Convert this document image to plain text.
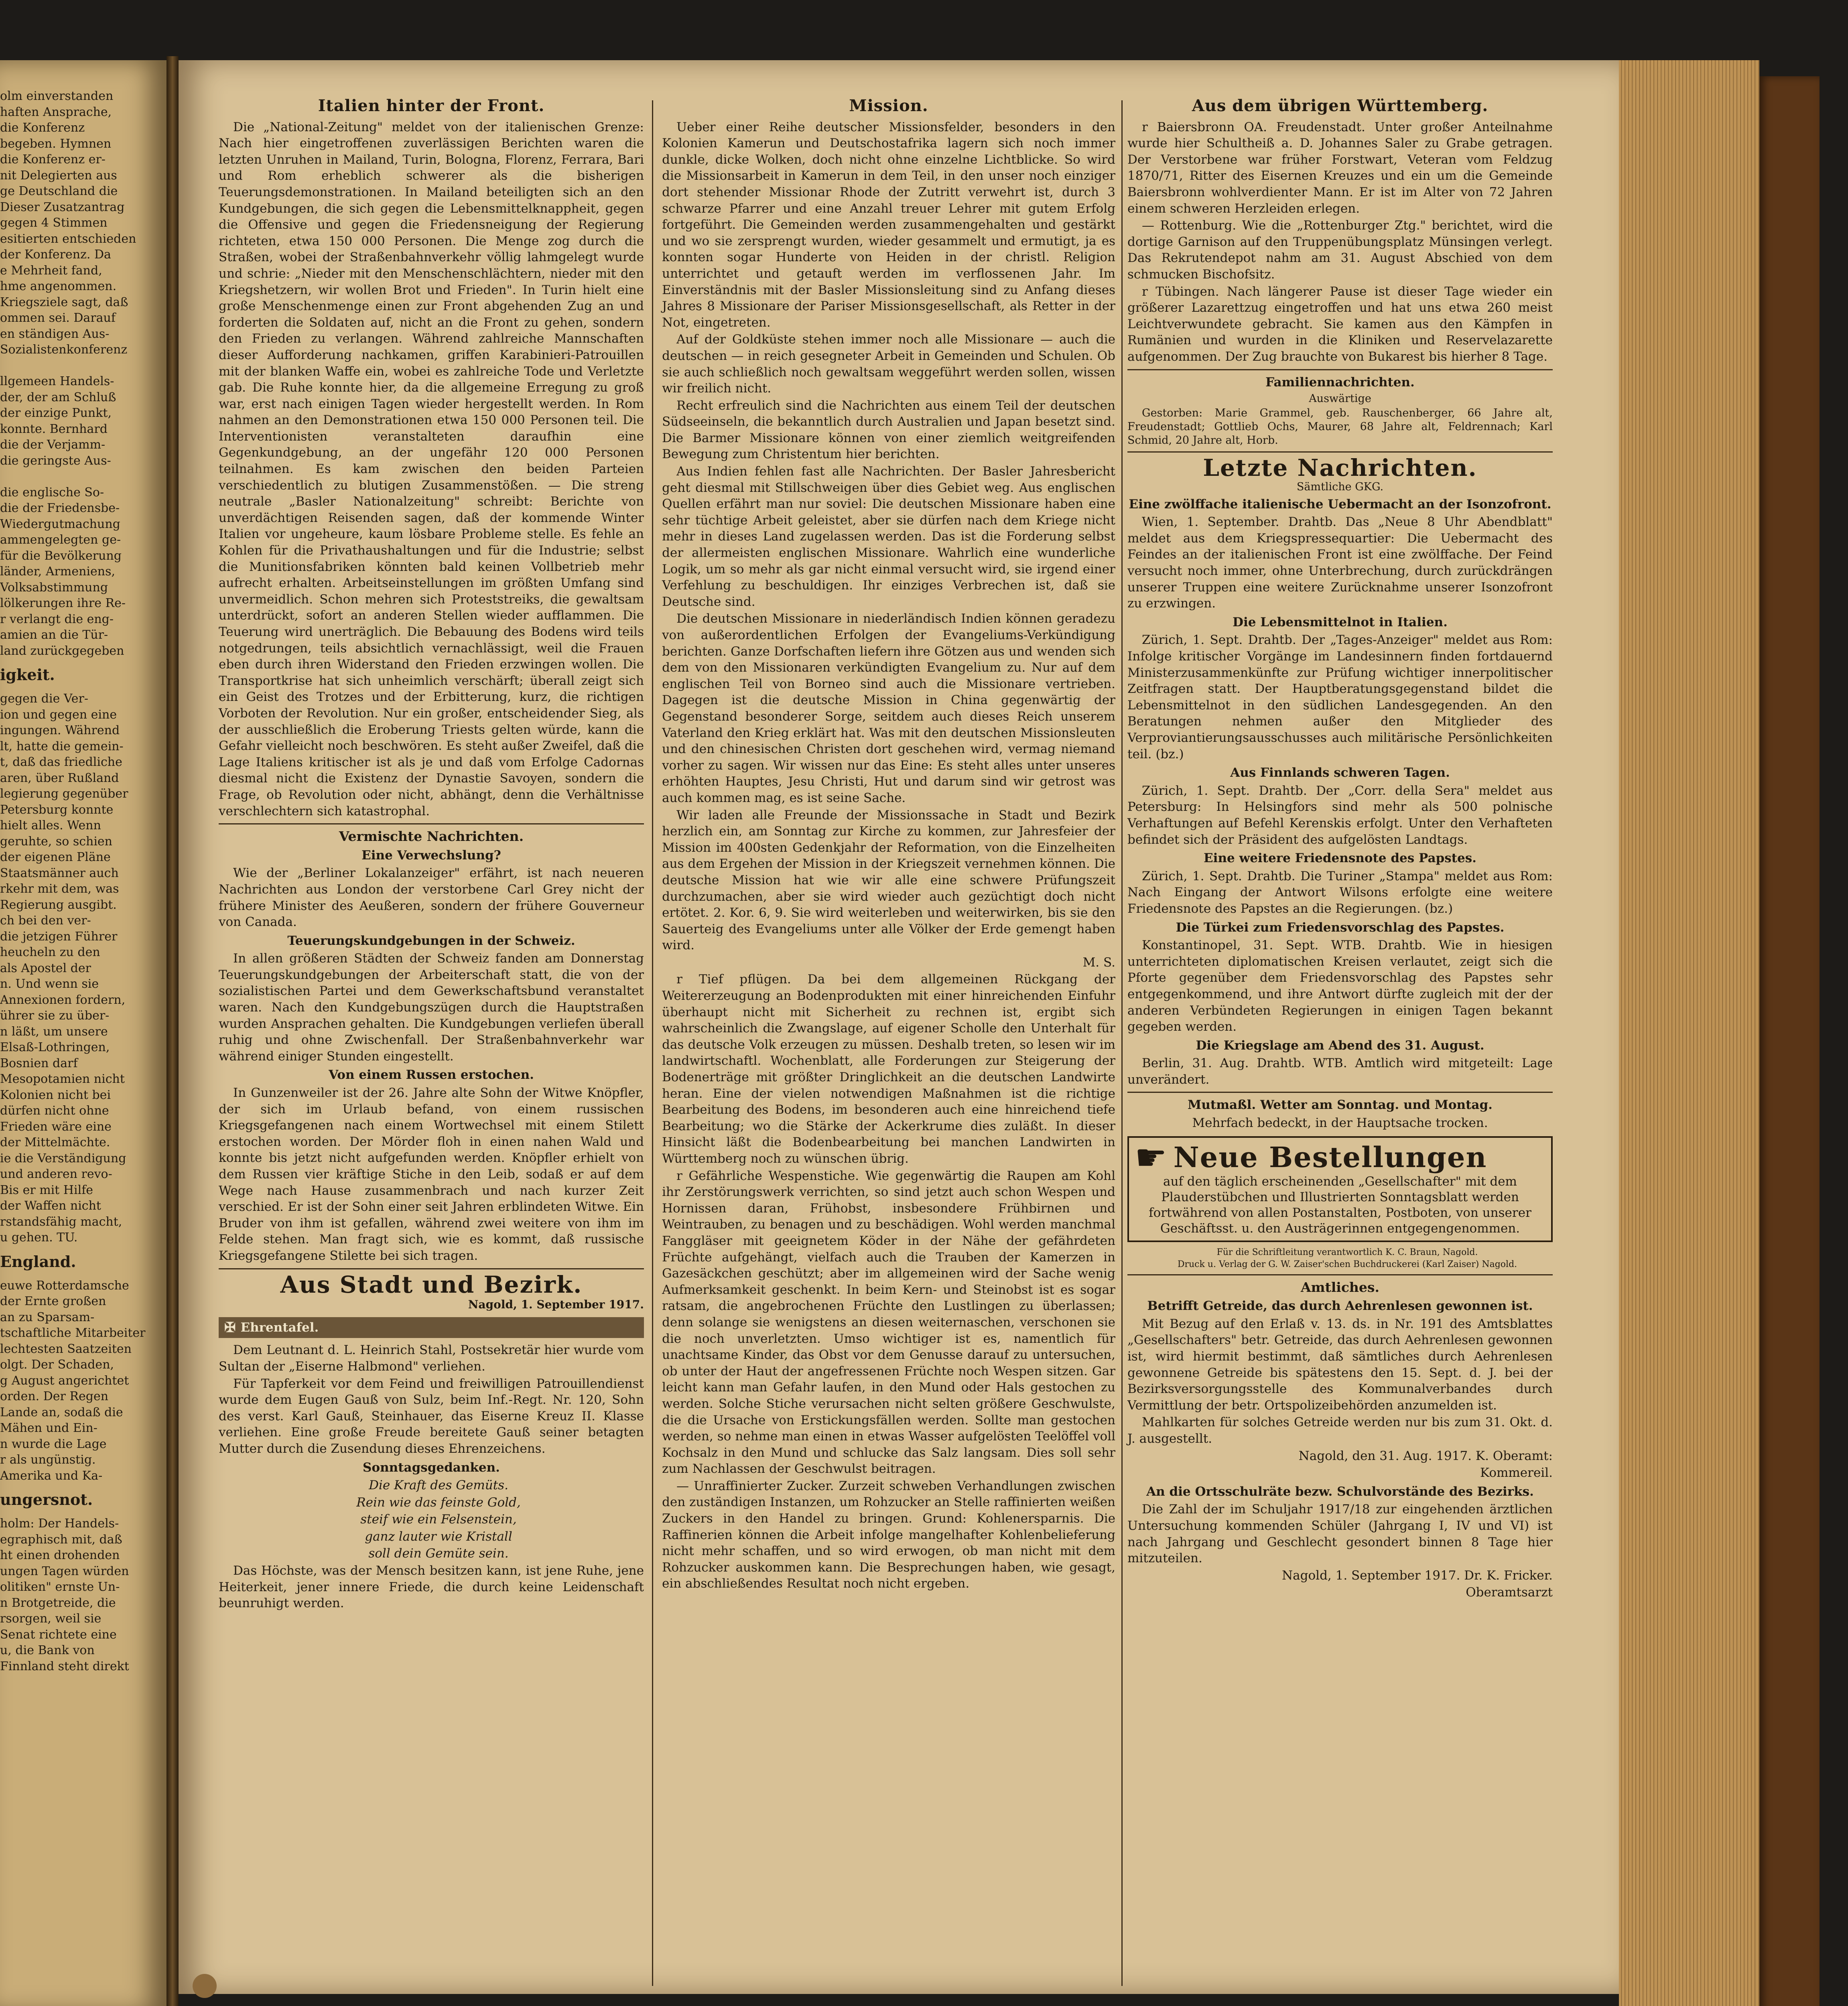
olm einverstanden
haften Ansprache,
die Konferenz
begeben. Hymnen
die Konferenz er-
nit Delegierten aus
ge Deutschland die
Dieser Zusatzantrag
gegen 4 Stimmen
esitierten entschieden
der Konferenz. Da
e Mehrheit fand,
hme angenommen.
Kriegsziele sagt, daß
ommen sei. Darauf
en ständigen Aus-
Sozialistenkonferenz
llgemeen Handels-
der, der am Schluß
der einzige Punkt,
konnte. Bernhard
die der Verjamm-
die geringste Aus-
die englische So-
die der Friedensbe-
Wiedergutmachung
ammengelegten ge-
für die Bevölkerung
länder, Armeniens,
Volksabstimmung
lölkerungen ihre Re-
r verlangt die eng-
amien an die Tür-
land zurückgegeben
igkeit.
gegen die Ver-
ion und gegen eine
ingungen. Während
lt, hatte die gemein-
t, daß das friedliche
aren, über Rußland
legierung gegenüber
Petersburg konnte
hielt alles. Wenn
geruhte, so schien
der eigenen Pläne
Staatsmänner auch
rkehr mit dem, was
Regierung ausgibt.
ch bei den ver-
die jetzigen Führer
heucheln zu den
als Apostel der
n. Und wenn sie
Annexionen fordern,
ührer sie zu über-
n läßt, um unsere
Elsaß-Lothringen,
Bosnien darf
Mesopotamien nicht
Kolonien nicht bei
dürfen nicht ohne
Frieden wäre eine
der Mittelmächte.
ie die Verständigung
und anderen revo-
Bis er mit Hilfe
der Waffen nicht
rstandsfähig macht,
u gehen. TU.
England.
euwe Rotterdamsche
der Ernte großen
an zu Sparsam-
tschaftliche Mitarbeiter
lechtesten Saatzeiten
olgt. Der Schaden,
g August angerichtet
orden. Der Regen
Lande an, sodaß die
Mähen und Ein-
n wurde die Lage
r als ungünstig.
Amerika und Ka-
ungersnot.
holm: Der Handels-
egraphisch mit, daß
ht einen drohenden
ungen Tagen würden
olitiken" ernste Un-
n Brotgetreide, die
rsorgen, weil sie
Senat richtete eine
u, die Bank von
Finnland steht direkt
Italien hinter der Front.

Die „National-Zeitung" meldet von der italienischen Grenze: Nach hier eingetroffenen zuverlässigen Berichten waren die letzten Unruhen in Mailand, Turin, Bologna, Florenz, Ferrara, Bari und Rom erheblich schwerer als die bisherigen Teuerungsdemonstrationen. In Mailand beteiligten sich an den Kundgebungen, die sich gegen die Lebensmittelknappheit, gegen die Offensive und gegen die Friedensneigung der Regierung richteten, etwa 150 000 Personen. Die Menge zog durch die Straßen, wobei der Straßenbahnverkehr völlig lahmgelegt wurde und schrie: „Nieder mit den Menschenschlächtern, nieder mit den Kriegshetzern, wir wollen Brot und Frieden". In Turin hielt eine große Menschenmenge einen zur Front abgehenden Zug an und forderten die Soldaten auf, nicht an die Front zu gehen, sondern den Frieden zu verlangen. Während zahlreiche Mannschaften dieser Aufforderung nachkamen, griffen Karabinieri-Patrouillen mit der blanken Waffe ein, wobei es zahlreiche Tode und Verletzte gab. Die Ruhe konnte hier, da die allgemeine Erregung zu groß war, erst nach einigen Tagen wieder hergestellt werden. In Rom nahmen an den Demonstrationen etwa 150 000 Personen teil. Die Interventionisten veranstalteten daraufhin eine Gegenkundgebung, an der ungefähr 120 000 Personen teilnahmen. Es kam zwischen den beiden Parteien verschiedentlich zu blutigen Zusammenstößen. — Die streng neutrale „Basler Nationalzeitung" schreibt: Berichte von unverdächtigen Reisenden sagen, daß der kommende Winter Italien vor ungeheure, kaum lösbare Probleme stelle. Es fehle an Kohlen für die Privathaushaltungen und für die Industrie; selbst die Munitionsfabriken könnten bald keinen Vollbetrieb mehr aufrecht erhalten. Arbeitseinstellungen im größten Umfang sind unvermeidlich. Schon mehren sich Proteststreiks, die gewaltsam unterdrückt, sofort an anderen Stellen wieder aufflammen. Die Teuerung wird unerträglich. Die Bebauung des Bodens wird teils notgedrungen, teils absichtlich vernachlässigt, weil die Frauen eben durch ihren Widerstand den Frieden erzwingen wollen. Die Transportkrise hat sich unheimlich verschärft; überall zeigt sich ein Geist des Trotzes und der Erbitterung, kurz, die richtigen Vorboten der Revolution. Nur ein großer, entscheidender Sieg, als der ausschließlich die Eroberung Triests gelten würde, kann die Gefahr vielleicht noch beschwören. Es steht außer Zweifel, daß die Lage Italiens kritischer ist als je und daß vom Erfolge Cadornas diesmal nicht die Existenz der Dynastie Savoyen, sondern die Frage, ob Revolution oder nicht, abhängt, denn die Verhältnisse verschlechtern sich katastrophal.

Vermischte Nachrichten.
Eine Verwechslung?

Wie der „Berliner Lokalanzeiger" erfährt, ist nach neueren Nachrichten aus London der verstorbene Carl Grey nicht der frühere Minister des Aeußeren, sondern der frühere Gouverneur von Canada.

Teuerungskundgebungen in der Schweiz.

In allen größeren Städten der Schweiz fanden am Donnerstag Teuerungskundgebungen der Arbeiterschaft statt, die von der sozialistischen Partei und dem Gewerkschaftsbund veranstaltet waren. Nach den Kundgebungszügen durch die Hauptstraßen wurden Ansprachen gehalten. Die Kundgebungen verliefen überall ruhig und ohne Zwischenfall. Der Straßenbahnverkehr war während einiger Stunden eingestellt.

Von einem Russen erstochen.

In Gunzenweiler ist der 26. Jahre alte Sohn der Witwe Knöpfler, der sich im Urlaub befand, von einem russischen Kriegsgefangenen nach einem Wortwechsel mit einem Stilett erstochen worden. Der Mörder floh in einen nahen Wald und konnte bis jetzt nicht aufgefunden werden. Knöpfler erhielt von dem Russen vier kräftige Stiche in den Leib, sodaß er auf dem Wege nach Hause zusammenbrach und nach kurzer Zeit verschied. Er ist der Sohn einer seit Jahren erblindeten Witwe. Ein Bruder von ihm ist gefallen, während zwei weitere von ihm im Felde stehen. Man fragt sich, wie es kommt, daß russische Kriegsgefangene Stilette bei sich tragen.

Aus Stadt und Bezirk.

Nagold, 1. September 1917.

✠ Ehrentafel.

Dem Leutnant d. L. Heinrich Stahl, Postsekretär hier wurde vom Sultan der „Eiserne Halbmond" verliehen.

Für Tapferkeit vor dem Feind und freiwilligen Patrouillendienst wurde dem Eugen Gauß von Sulz, beim Inf.-Regt. Nr. 120, Sohn des verst. Karl Gauß, Steinhauer, das Eiserne Kreuz II. Klasse verliehen. Eine große Freude bereitete Gauß seiner betagten Mutter durch die Zusendung dieses Ehrenzeichens.

Sonntagsgedanken.

Die Kraft des Gemüts.

Rein wie das feinste Gold,

steif wie ein Felsenstein,

ganz lauter wie Kristall

soll dein Gemüte sein.

Das Höchste, was der Mensch besitzen kann, ist jene Ruhe, jene Heiterkeit, jener innere Friede, die durch keine Leidenschaft beunruhigt werden.

Mission.

Ueber einer Reihe deutscher Missionsfelder, besonders in den Kolonien Kamerun und Deutschostafrika lagern sich noch immer dunkle, dicke Wolken, doch nicht ohne einzelne Lichtblicke. So wird die Missionsarbeit in Kamerun in dem Teil, in den unser noch einziger dort stehender Missionar Rhode der Zutritt verwehrt ist, durch 3 schwarze Pfarrer und eine Anzahl treuer Lehrer mit gutem Erfolg fortgeführt. Die Gemeinden werden zusammengehalten und gestärkt und wo sie zersprengt wurden, wieder gesammelt und ermutigt, ja es konnten sogar Hunderte von Heiden in der christl. Religion unterrichtet und getauft werden im verflossenen Jahr. Im Einverständnis mit der Basler Missionsleitung sind zu Anfang dieses Jahres 8 Missionare der Pariser Missionsgesellschaft, als Retter in der Not, eingetreten.

Auf der Goldküste stehen immer noch alle Missionare — auch die deutschen — in reich gesegneter Arbeit in Gemeinden und Schulen. Ob sie auch schließlich noch gewaltsam weggeführt werden sollen, wissen wir freilich nicht.

Recht erfreulich sind die Nachrichten aus einem Teil der deutschen Südseeinseln, die bekanntlich durch Australien und Japan besetzt sind. Die Barmer Missionare können von einer ziemlich weitgreifenden Bewegung zum Christentum hier berichten.

Aus Indien fehlen fast alle Nachrichten. Der Basler Jahresbericht geht diesmal mit Stillschweigen über dies Gebiet weg. Aus englischen Quellen erfährt man nur soviel: Die deutschen Missionare haben eine sehr tüchtige Arbeit geleistet, aber sie dürfen nach dem Kriege nicht mehr in dieses Land zugelassen werden. Das ist die Forderung selbst der allermeisten englischen Missionare. Wahrlich eine wunderliche Logik, um so mehr als gar nicht einmal versucht wird, sie irgend einer Verfehlung zu beschuldigen. Ihr einziges Verbrechen ist, daß sie Deutsche sind.

Die deutschen Missionare in niederländisch Indien können geradezu von außerordentlichen Erfolgen der Evangeliums-Verkündigung berichten. Ganze Dorfschaften liefern ihre Götzen aus und wenden sich dem von den Missionaren verkündigten Evangelium zu. Nur auf dem englischen Teil von Borneo sind auch die Missionare vertrieben. Dagegen ist die deutsche Mission in China gegenwärtig der Gegenstand besonderer Sorge, seitdem auch dieses Reich unserem Vaterland den Krieg erklärt hat. Was mit den deutschen Missionsleuten und den chinesischen Christen dort geschehen wird, vermag niemand vorher zu sagen. Wir wissen nur das Eine: Es steht alles unter unseres erhöhten Hauptes, Jesu Christi, Hut und darum sind wir getrost was auch kommen mag, es ist seine Sache.

Wir laden alle Freunde der Missionssache in Stadt und Bezirk herzlich ein, am Sonntag zur Kirche zu kommen, zur Jahresfeier der Mission im 400sten Gedenkjahr der Reformation, von die Einzelheiten aus dem Ergehen der Mission in der Kriegszeit vernehmen können. Die deutsche Mission hat wie wir alle eine schwere Prüfungszeit durchzumachen, aber sie wird wieder auch gezüchtigt doch nicht ertötet. 2. Kor. 6, 9. Sie wird weiterleben und weiterwirken, bis sie den Sauerteig des Evangeliums unter alle Völker der Erde gemengt haben wird.

M. S.

r Tief pflügen. Da bei dem allgemeinen Rückgang der Weitererzeugung an Bodenprodukten mit einer hinreichenden Einfuhr überhaupt nicht mit Sicherheit zu rechnen ist, ergibt sich wahrscheinlich die Zwangslage, auf eigener Scholle den Unterhalt für das deutsche Volk erzeugen zu müssen. Deshalb treten, so lesen wir im landwirtschaftl. Wochenblatt, alle Forderungen zur Steigerung der Bodenerträge mit größter Dringlichkeit an die deutschen Landwirte heran. Eine der vielen notwendigen Maßnahmen ist die richtige Bearbeitung des Bodens, im besonderen auch eine hinreichend tiefe Bearbeitung; wo die Stärke der Ackerkrume dies zuläßt. In dieser Hinsicht läßt die Bodenbearbeitung bei manchen Landwirten in Württemberg noch zu wünschen übrig.

r Gefährliche Wespenstiche. Wie gegenwärtig die Raupen am Kohl ihr Zerstörungswerk verrichten, so sind jetzt auch schon Wespen und Hornissen daran, Frühobst, insbesondere Frühbirnen und Weintrauben, zu benagen und zu beschädigen. Wohl werden manchmal Fanggläser mit geeignetem Köder in der Nähe der gefährdeten Früchte aufgehängt, vielfach auch die Trauben der Kamerzen in Gazesäckchen geschützt; aber im allgemeinen wird der Sache wenig Aufmerksamkeit geschenkt. In beim Kern- und Steinobst ist es sogar ratsam, die angebrochenen Früchte den Lustlingen zu überlassen; denn solange sie wenigstens an diesen weiternaschen, verschonen sie die noch unverletzten. Umso wichtiger ist es, namentlich für unachtsame Kinder, das Obst vor dem Genusse darauf zu untersuchen, ob unter der Haut der angefressenen Früchte noch Wespen sitzen. Gar leicht kann man Gefahr laufen, in den Mund oder Hals gestochen zu werden. Solche Stiche verursachen nicht selten größere Geschwulste, die die Ursache von Erstickungsfällen werden. Sollte man gestochen werden, so nehme man einen in etwas Wasser aufgelösten Teelöffel voll Kochsalz in den Mund und schlucke das Salz langsam. Dies soll sehr zum Nachlassen der Geschwulst beitragen.

— Unraffinierter Zucker. Zurzeit schweben Verhandlungen zwischen den zuständigen Instanzen, um Rohzucker an Stelle raffinierten weißen Zuckers in den Handel zu bringen. Grund: Kohlenersparnis. Die Raffinerien können die Arbeit infolge mangelhafter Kohlenbelieferung nicht mehr schaffen, und so wird erwogen, ob man nicht mit dem Rohzucker auskommen kann. Die Besprechungen haben, wie gesagt, ein abschließendes Resultat noch nicht ergeben.

Aus dem übrigen Württemberg.

r Baiersbronn OA. Freudenstadt. Unter großer Anteilnahme wurde hier Schultheiß a. D. Johannes Saler zu Grabe getragen. Der Verstorbene war früher Forstwart, Veteran vom Feldzug 1870/71, Ritter des Eisernen Kreuzes und ein um die Gemeinde Baiersbronn wohlverdienter Mann. Er ist im Alter von 72 Jahren einem schweren Herzleiden erlegen.

— Rottenburg. Wie die „Rottenburger Ztg." berichtet, wird die dortige Garnison auf den Truppenübungsplatz Münsingen verlegt. Das Rekrutendepot nahm am 31. August Abschied von dem schmucken Bischofsitz.

r Tübingen. Nach längerer Pause ist dieser Tage wieder ein größerer Lazarettzug eingetroffen und hat uns etwa 260 meist Leichtverwundete gebracht. Sie kamen aus den Kämpfen in Rumänien und wurden in die Kliniken und Reservelazarette aufgenommen. Der Zug brauchte von Bukarest bis hierher 8 Tage.

Familiennachrichten.

Auswärtige

Gestorben: Marie Grammel, geb. Rauschenberger, 66 Jahre alt, Freudenstadt; Gottlieb Ochs, Maurer, 68 Jahre alt, Feldrennach; Karl Schmid, 20 Jahre alt, Horb.

Letzte Nachrichten.

Sämtliche GKG.

Eine zwölffache italienische Uebermacht an der Isonzofront.

Wien, 1. September. Drahtb. Das „Neue 8 Uhr Abendblatt" meldet aus dem Kriegspressequartier: Die Uebermacht des Feindes an der italienischen Front ist eine zwölffache. Der Feind versucht noch immer, ohne Unterbrechung, durch zurückdrängen unserer Truppen eine weitere Zurücknahme unserer Isonzofront zu erzwingen.

Die Lebensmittelnot in Italien.

Zürich, 1. Sept. Drahtb. Der „Tages-Anzeiger" meldet aus Rom: Infolge kritischer Vorgänge im Landesinnern finden fortdauernd Ministerzusammenkünfte zur Prüfung wichtiger innerpolitischer Zeitfragen statt. Der Hauptberatungsgegenstand bildet die Lebensmittelnot in den südlichen Landesgegenden. An den Beratungen nehmen außer den Mitglieder des Verproviantierungsausschusses auch militärische Persönlichkeiten teil. (bz.)

Aus Finnlands schweren Tagen.

Zürich, 1. Sept. Drahtb. Der „Corr. della Sera" meldet aus Petersburg: In Helsingfors sind mehr als 500 polnische Verhaftungen auf Befehl Kerenskis erfolgt. Unter den Verhafteten befindet sich der Präsident des aufgelösten Landtags.

Eine weitere Friedensnote des Papstes.

Zürich, 1. Sept. Drahtb. Die Turiner „Stampa" meldet aus Rom: Nach Eingang der Antwort Wilsons erfolgte eine weitere Friedensnote des Papstes an die Regierungen. (bz.)

Die Türkei zum Friedensvorschlag des Papstes.

Konstantinopel, 31. Sept. WTB. Drahtb. Wie in hiesigen unterrichteten diplomatischen Kreisen verlautet, zeigt sich die Pforte gegenüber dem Friedensvorschlag des Papstes sehr entgegenkommend, und ihre Antwort dürfte zugleich mit der der anderen Verbündeten Regierungen in einigen Tagen bekannt gegeben werden.

Die Kriegslage am Abend des 31. August.

Berlin, 31. Aug. Drahtb. WTB. Amtlich wird mitgeteilt: Lage unverändert.

Mutmaßl. Wetter am Sonntag. und Montag.

Mehrfach bedeckt, in der Hauptsache trocken.

☛ Neue Bestellungen
auf den täglich erscheinenden „Gesellschafter" mit dem Plauderstübchen und Illustrierten Sonntagsblatt werden fortwährend von allen Postanstalten, Postboten, von unserer Geschäftsst. u. den Austrägerinnen entgegengenommen.

Für die Schriftleitung verantwortlich K. C. Braun, Nagold.

Druck u. Verlag der G. W. Zaiser'schen Buchdruckerei (Karl Zaiser) Nagold.

Amtliches.
Betrifft Getreide, das durch Aehrenlesen gewonnen ist.

Mit Bezug auf den Erlaß v. 13. ds. in Nr. 191 des Amtsblattes „Gesellschafters" betr. Getreide, das durch Aehrenlesen gewonnen ist, wird hiermit bestimmt, daß sämtliches durch Aehrenlesen gewonnene Getreide bis spätestens den 15. Sept. d. J. bei der Bezirksversorgungsstelle des Kommunalverbandes durch Vermittlung der betr. Ortspolizeibehörden anzumelden ist.

Mahlkarten für solches Getreide werden nur bis zum 31. Okt. d. J. ausgestellt.

Nagold, den 31. Aug. 1917. K. Oberamt:

Kommereil.

An die Ortsschulräte bezw. Schulvorstände des Bezirks.

Die Zahl der im Schuljahr 1917/18 zur eingehenden ärztlichen Untersuchung kommenden Schüler (Jahrgang I, IV und VI) ist nach Jahrgang und Geschlecht gesondert binnen 8 Tage hier mitzuteilen.

Nagold, 1. September 1917. Dr. K. Fricker.

Oberamtsarzt
